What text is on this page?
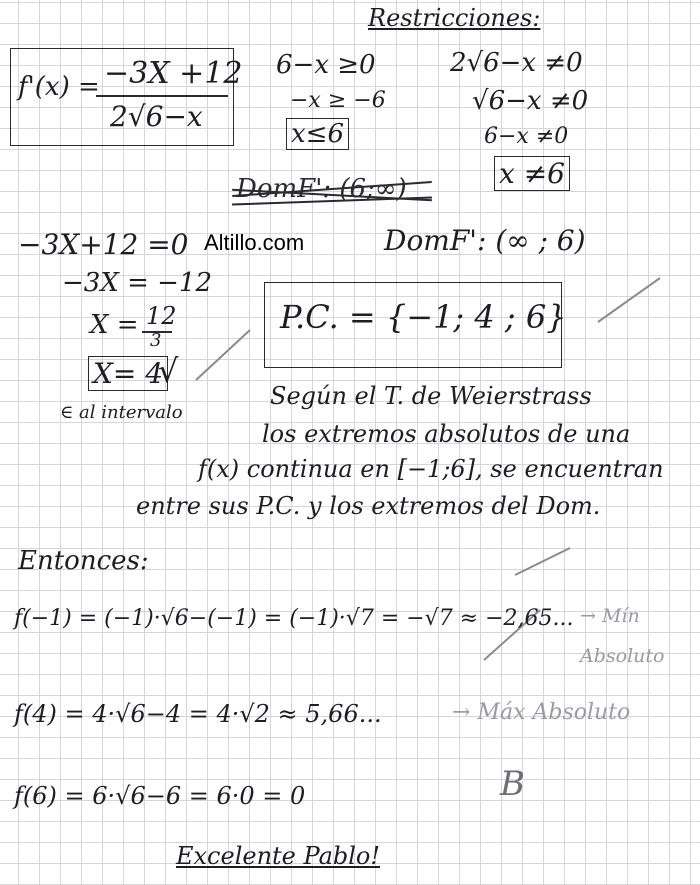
Restricciones:
f'(x) = −3X +12
2√6−x
6−x ≥0
−x ≥ −6
x≤6
2√6−x ≠0
√6−x ≠0
6−x ≠0
x ≠6
DomF': (6;∞)
Altillo.com	DomF': (∞ ; 6)
−3X+12 =0
−3X = −12
X = 12
3
X= 4
√
∈ al intervalo
P.C. = {−1; 4 ; 6}
Según el T. de Weierstrass
los extremos absolutos de una
f(x) continua en [−1;6], se encuentran
entre sus P.C. y los extremos del Dom.
Entonces:
f(−1) = (−1)·√6−(−1) = (−1)·√7 = −√7 ≈ −2,65... → Mín Absoluto
f(4) = 4·√6−4 = 4·√2 ≈ 5,66...	→ Máx Absoluto
f(6) = 6·√6−6 = 6·0 = 0	B
Excelente Pablo!
